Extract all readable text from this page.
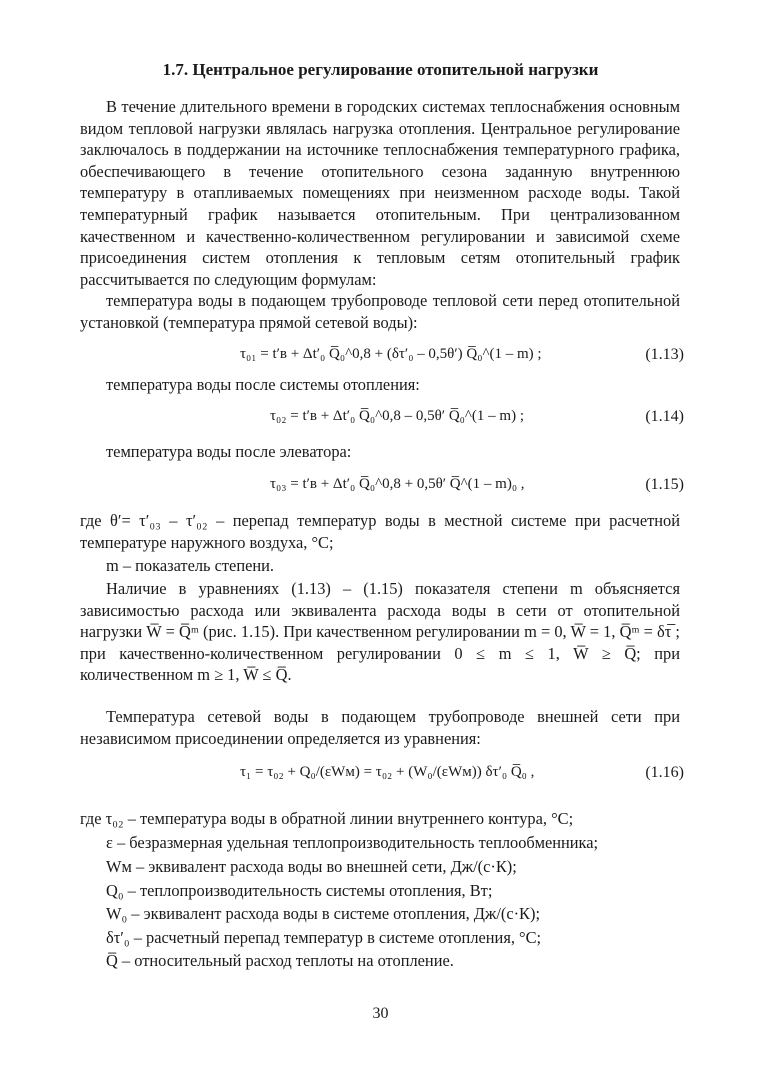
1.7. Центральное регулирование отопительной нагрузки

В течение длительного времени в городских системах теплоснабжения основным видом тепловой нагрузки являлась нагрузка отопления. Центральное регулирование заключалось в поддержании на источнике теплоснабжения температурного графика, обеспечивающего в течение отопительного сезона заданную внутреннюю температуру в отапливаемых помещениях при неизменном расходе воды. Такой температурный график называется отопительным. При централизованном качественном и качественно-количественном регулировании и зависимой схеме присоединения систем отопления к тепловым сетям отопительный график рассчитывается по следующим формулам:

температура воды в подающем трубопроводе тепловой сети перед отопительной установкой (температура прямой сетевой воды):

τ₀₁ = t′в + Δt′₀ Q̅₀^0,8 + (δτ′₀ – 0,5θ′) Q̅₀^(1 – m) ;	(1.13)

температура воды после системы отопления:

τ₀₂ = t′в + Δt′₀ Q̅₀^0,8 – 0,5θ′ Q̅₀^(1 – m) ;	(1.14)

температура воды после элеватора:

τ₀₃ = t′в + Δt′₀ Q̅₀^0,8 + 0,5θ′ Q̅^(1 – m)₀ ,	(1.15)

где θ′= τ′₀₃ – τ′₀₂ – перепад температур воды в местной системе при расчетной температуре наружного воздуха, °С;

m – показатель степени.

Наличие в уравнениях (1.13) – (1.15) показателя степени m объясняется зависимостью расхода или эквивалента расхода воды в сети от отопительной нагрузки W̅ = Q̅ᵐ (рис. 1.15). При качественном регулировании m = 0, W̅ = 1, Q̅ᵐ = δτ̅ ; при качественно-количественном регулировании 0 ≤ m ≤ 1, W̅ ≥ Q̅; при количественном m ≥ 1, W̅ ≤ Q̅.

Температура сетевой воды в подающем трубопроводе внешней сети при независимом присоединении определяется из уравнения:

τ₁ = τ₀₂ + Q₀/(εWм) = τ₀₂ + (W₀/(εWм)) δτ′₀ Q̅₀ ,	(1.16)
где τ₀₂ – температура воды в обратной линии внутреннего контура, °С;
ε – безразмерная удельная теплопроизводительность теплообменника;
Wм – эквивалент расхода воды во внешней сети, Дж/(с·К);
Q₀ – теплопроизводительность системы отопления, Вт;
W₀ – эквивалент расхода воды в системе отопления, Дж/(с·К);
δτ′₀ – расчетный перепад температур в системе отопления, °С;
Q̅ – относительный расход теплоты на отопление.
30
